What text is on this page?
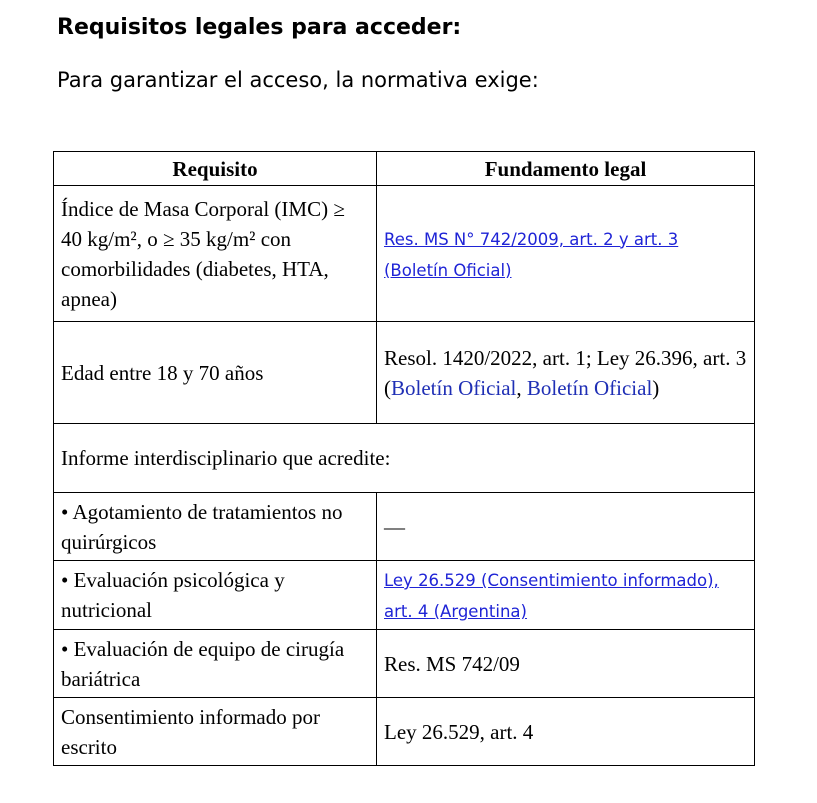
Requisitos legales para acceder:

Para garantizar el acceso, la normativa exige:

Requisito	Fundamento legal
Índice de Masa Corporal (IMC) ≥ 40 kg/m², o ≥ 35 kg/m² con comorbilidades (diabetes, HTA, apnea)	Res. MS N° 742/2009, art. 2 y art. 3 (Boletín Oficial)
Edad entre 18 y 70 años	Resol. 1420/2022, art. 1; Ley 26.396, art. 3 (Boletín Oficial, Boletín Oficial)
Informe interdisciplinario que acredite:	
• Agotamiento de tratamientos no quirúrgicos	—
• Evaluación psicológica y nutricional	Ley 26.529 (Consentimiento informado), art. 4 (Argentina)
• Evaluación de equipo de cirugía bariátrica	Res. MS 742/09
Consentimiento informado por escrito	Ley 26.529, art. 4
